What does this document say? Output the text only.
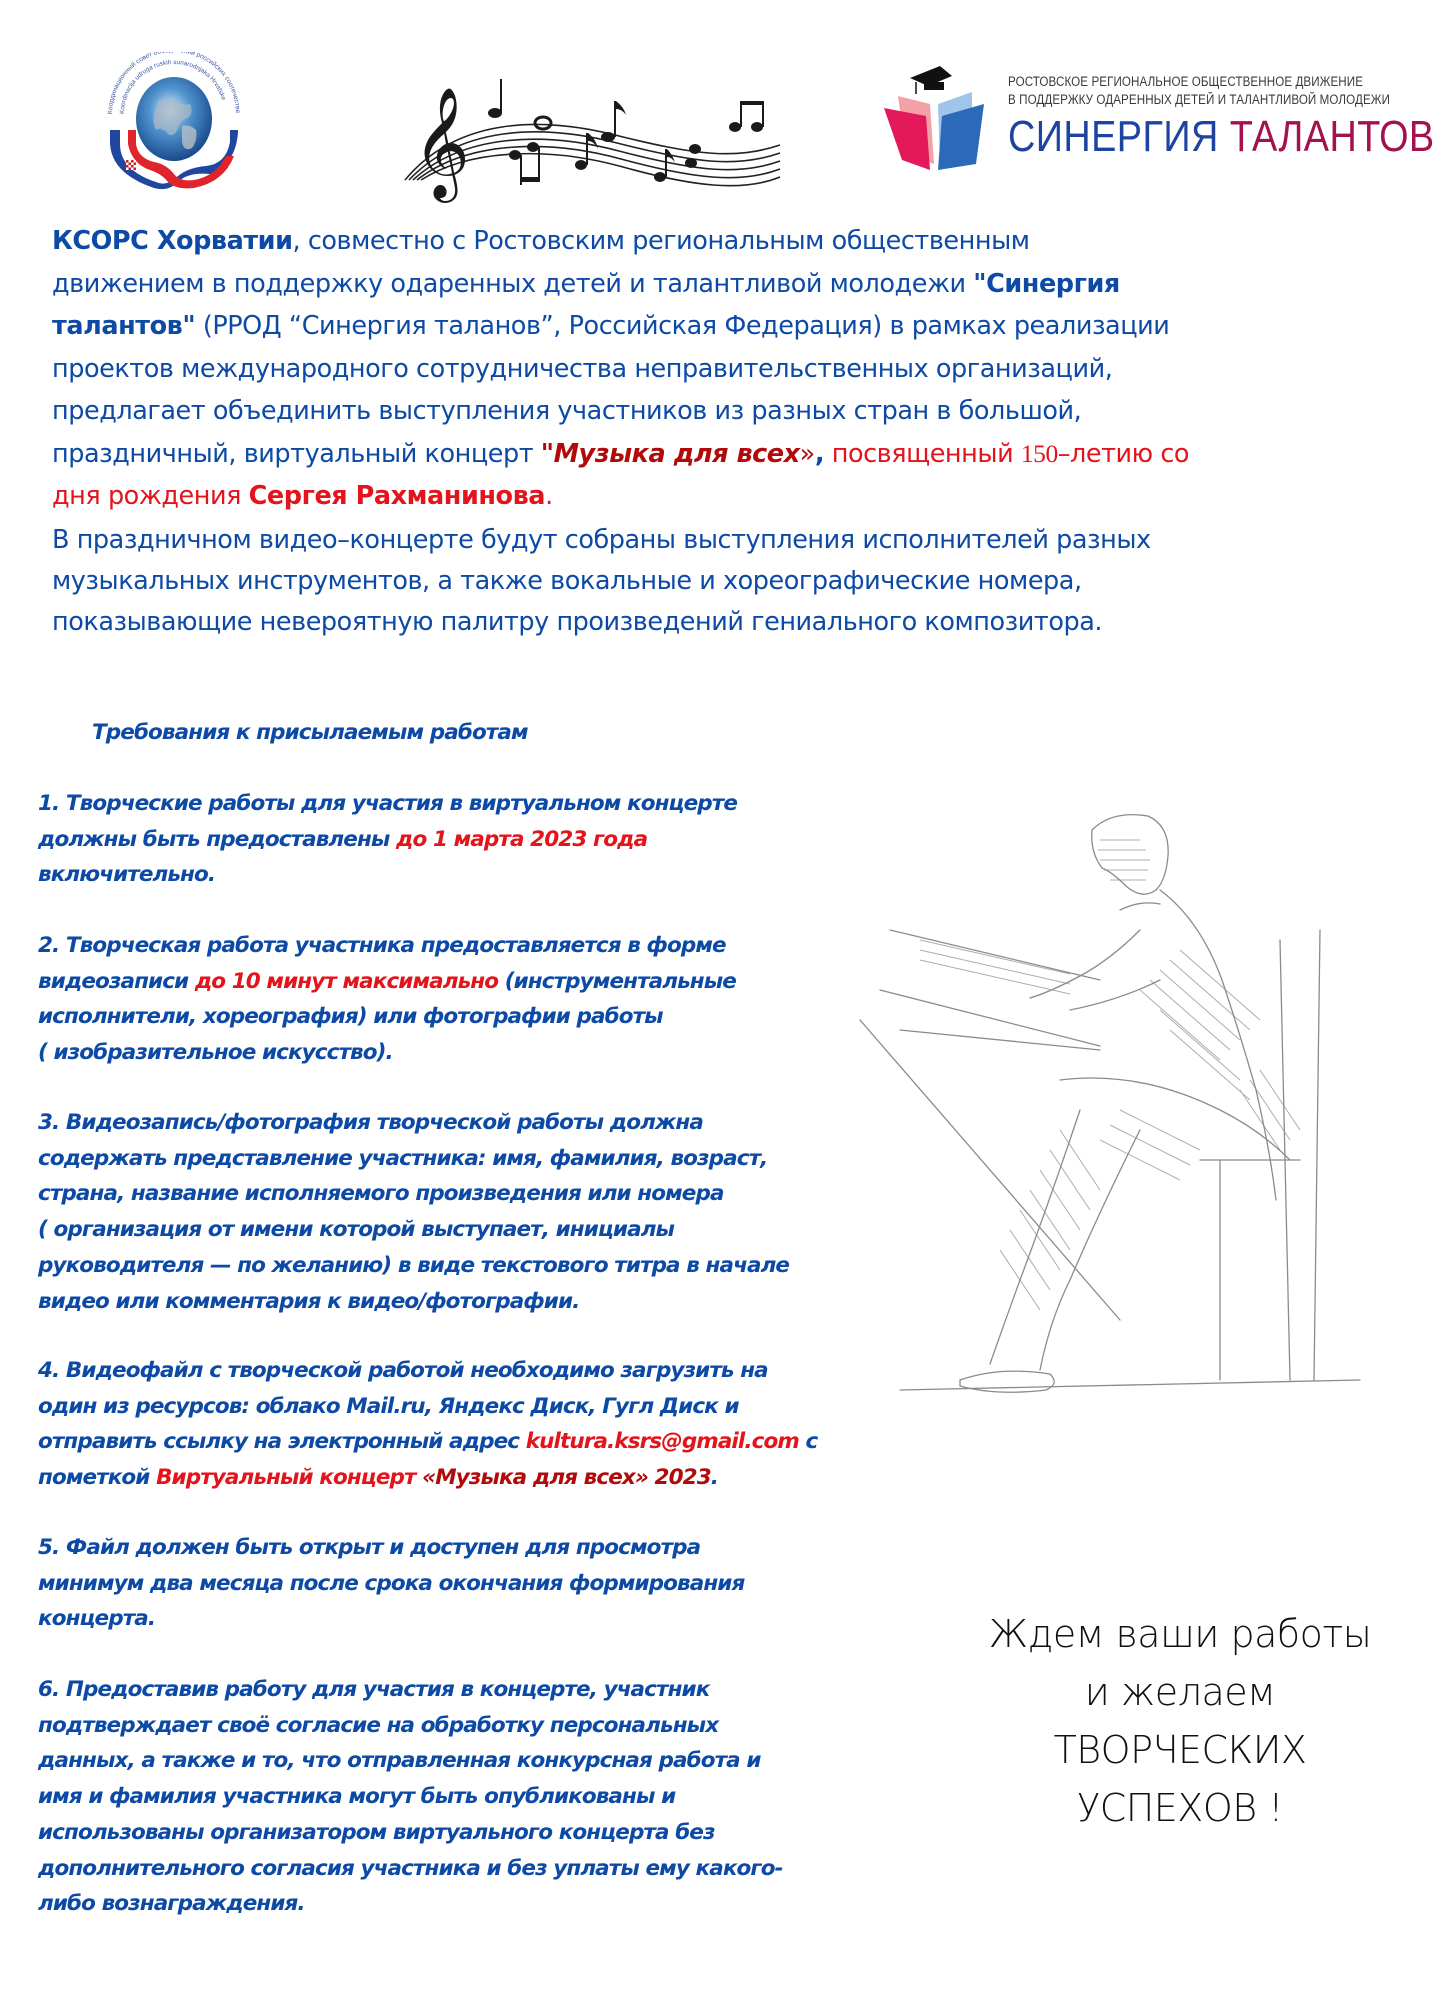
Координационный совет об ий российских соотечестве
Koordinacija udruga ruskih sunarodnjaka Hrvatske 𝄞
РОСТОВСКОЕ РЕГИОНАЛЬНОЕ ОБЩЕСТВЕННОЕ ДВИЖЕНИЕ
В ПОДДЕРЖКУ ОДАРЕННЫХ ДЕТЕЙ И ТАЛАНТЛИВОЙ МОЛОДЕЖИ
СИНЕРГИЯ ТАЛАНТОВ
КСОРС Хорватии, совместно с Ростовским региональным общественным
движением в поддержку одаренных детей и талантливой молодежи "Синергия
талантов" (РРОД “Синергия таланов”, Российская Федерация) в рамках реализации
проектов международного сотрудничества неправительственных организаций,
предлагает объединить выступления участников из разных стран в большой,
праздничный, виртуальный концерт "Музыка для всех», посвященный 150–летию со
дня рождения Сергея Рахманинова.
В праздничном видео–концерте будут собраны выступления исполнителей разных
музыкальных инструментов, а также вокальные и хореографические номера,
показывающие невероятную палитру произведений гениального композитора.
Требования к присылаемым работам
1. Творческие работы для участия в виртуальном концерте
должны быть предоставлены до 1 марта 2023 года
включительно.
2. Творческая работа участника предоставляется в форме
видеозаписи до 10 минут максимально (инструментальные
исполнители, хореография) или фотографии работы
( изобразительное искусство).
3. Видеозапись/фотография творческой работы должна
содержать представление участника: имя, фамилия, возраст,
страна, название исполняемого произведения или номера
( организация от имени которой выступает, инициалы
руководителя — по желанию) в виде текстового титра в начале
видео или комментария к видео/фотографии.
4. Видеофайл с творческой работой необходимо загрузить на
один из ресурсов: облако Mail.ru, Яндекс Диск, Гугл Диск и
отправить ссылку на электронный адрес kultura.ksrs@gmail.com с
пометкой Виртуальный концерт «Музыка для всех» 2023.
5. Файл должен быть открыт и доступен для просмотра
минимум два месяца после срока окончания формирования
концерта.
6. Предоставив работу для участия в концерте, участник
подтверждает своё согласие на обработку персональных
данных, а также и то, что отправленная конкурсная работа и
имя и фамилия участника могут быть опубликованы и
использованы организатором виртуального концерта без
дополнительного согласия участника и без уплаты ему какого-
либо вознаграждения.
Ждем ваши работы
и желаем
ТВОРЧЕСКИХ
УСПЕХОВ !
